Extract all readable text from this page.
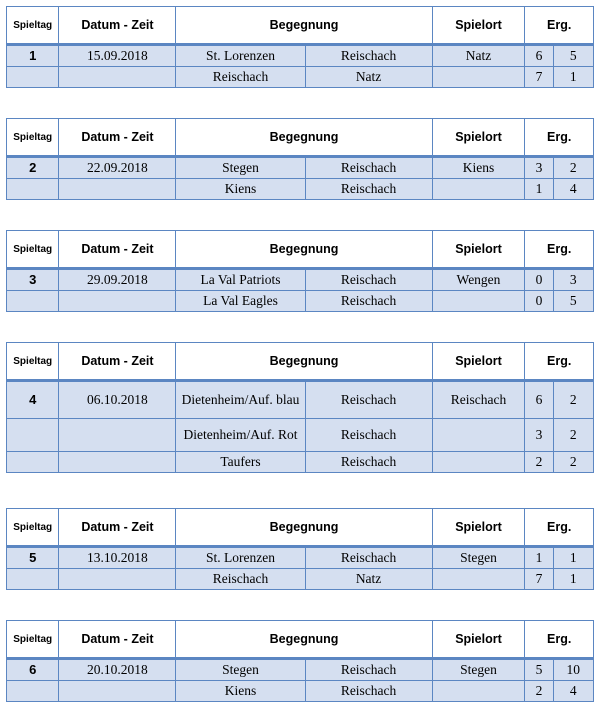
Spieltag	Datum - Zeit	Begegnung		Spielort	Erg.	
1	15.09.2018	St. Lorenzen	Reischach	Natz	6	5
		Reischach	Natz		7	1
Spieltag	Datum - Zeit	Begegnung		Spielort	Erg.	
2	22.09.2018	Stegen	Reischach	Kiens	3	2
		Kiens	Reischach		1	4
Spieltag	Datum - Zeit	Begegnung		Spielort	Erg.	
3	29.09.2018	La Val Patriots	Reischach	Wengen	0	3
		La Val Eagles	Reischach		0	5
Spieltag	Datum - Zeit	Begegnung		Spielort	Erg.	
4	06.10.2018	Dietenheim/Auf. blau	Reischach	Reischach	6	2
		Dietenheim/Auf. Rot	Reischach		3	2
		Taufers	Reischach		2	2
Spieltag	Datum - Zeit	Begegnung		Spielort	Erg.	
5	13.10.2018	St. Lorenzen	Reischach	Stegen	1	1
		Reischach	Natz		7	1
Spieltag	Datum - Zeit	Begegnung		Spielort	Erg.	
6	20.10.2018	Stegen	Reischach	Stegen	5	10
		Kiens	Reischach		2	4
